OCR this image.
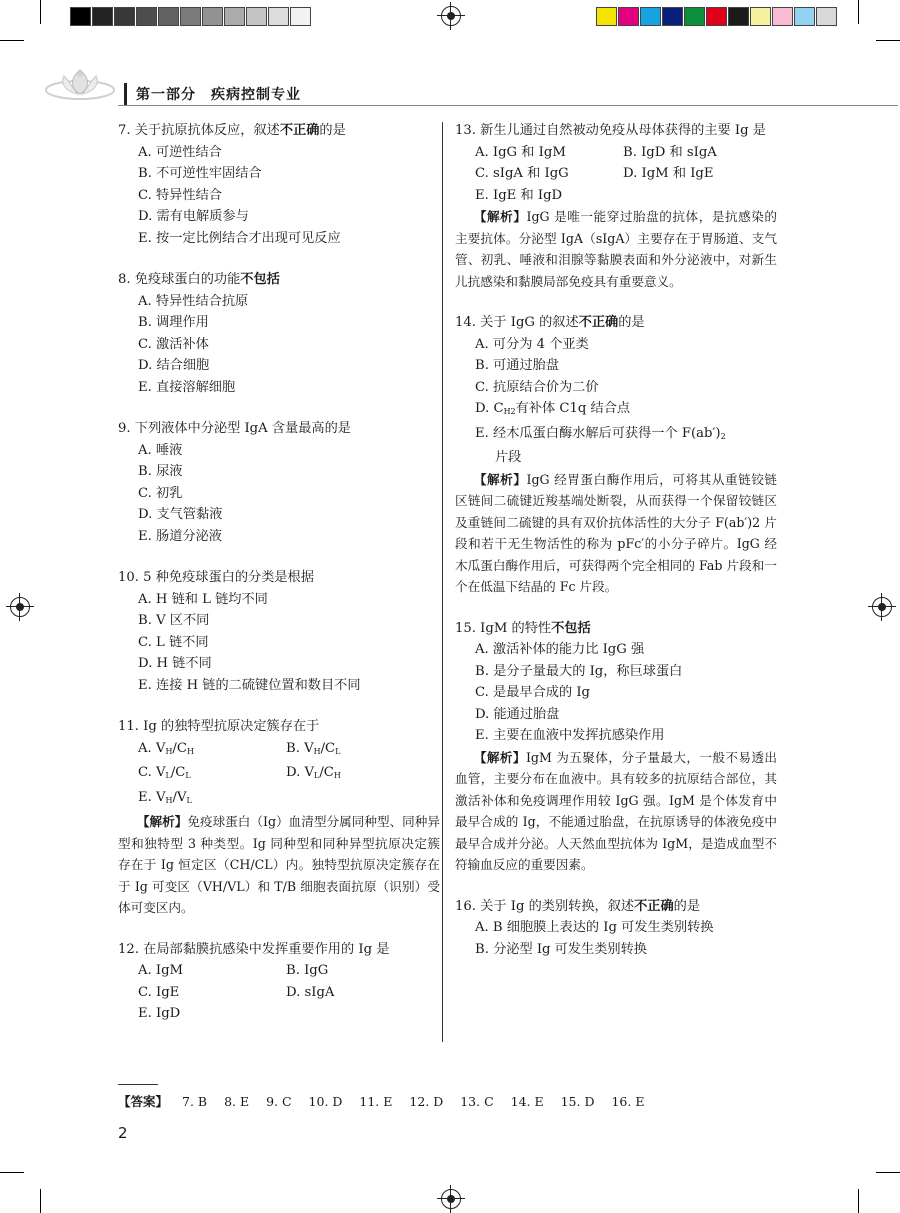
第一部分　疾病控制专业
7. 关于抗原抗体反应，叙述不正确的是
A. 可逆性结合
B. 不可逆性牢固结合
C. 特异性结合
D. 需有电解质参与
E. 按一定比例结合才出现可见反应
8. 免疫球蛋白的功能不包括
A. 特异性结合抗原
B. 调理作用
C. 激活补体
D. 结合细胞
E. 直接溶解细胞
9. 下列液体中分泌型 IgA 含量最高的是
A. 唾液
B. 尿液
C. 初乳
D. 支气管黏液
E. 肠道分泌液
10. 5 种免疫球蛋白的分类是根据
A. H 链和 L 链均不同
B. V 区不同
C. L 链不同
D. H 链不同
E. 连接 H 链的二硫键位置和数目不同
11. Ig 的独特型抗原决定簇存在于
A. $V_H/C_H$	B. $V_H/C_L$
C. $V_L/C_L$	D. $V_L/C_H$
E. $V_H/V_L$
【解析】免疫球蛋白（Ig）血清型分属同种型、同种异型和独特型 3 种类型。Ig 同种型和同种异型抗原决定簇存在于 Ig 恒定区（CH/CL）内。独特型抗原决定簇存在于 Ig 可变区（VH/VL）和 T/B 细胞表面抗原（识别）受体可变区内。
12. 在局部黏膜抗感染中发挥重要作用的 Ig 是
A. IgM	B. IgG
C. IgE	D. sIgA
E. IgD
13. 新生儿通过自然被动免疫从母体获得的主要 Ig 是
A. IgG 和 IgM	B. IgD 和 sIgA
C. sIgA 和 IgG	D. IgM 和 IgE
E. IgE 和 IgD
【解析】IgG 是唯一能穿过胎盘的抗体，是抗感染的主要抗体。分泌型 IgA（sIgA）主要存在于胃肠道、支气管、初乳、唾液和泪腺等黏膜表面和外分泌液中，对新生儿抗感染和黏膜局部免疫具有重要意义。
14. 关于 IgG 的叙述不正确的是
A. 可分为 4 个亚类
B. 可通过胎盘
C. 抗原结合价为二价
D. $C_{H2}$有补体 C1q 结合点
E. 经木瓜蛋白酶水解后可获得一个 $F(ab')_2$
片段
【解析】IgG 经胃蛋白酶作用后，可将其从重链铰链区链间二硫键近羧基端处断裂，从而获得一个保留铰链区及重链间二硫键的具有双价抗体活性的大分子 F(ab′)2 片段和若干无生物活性的称为 pFc′的小分子碎片。IgG 经木瓜蛋白酶作用后，可获得两个完全相同的 Fab 片段和一个在低温下结晶的 Fc 片段。
15. IgM 的特性不包括
A. 激活补体的能力比 IgG 强
B. 是分子量最大的 Ig，称巨球蛋白
C. 是最早合成的 Ig
D. 能通过胎盘
E. 主要在血液中发挥抗感染作用
【解析】IgM 为五聚体，分子量最大，一般不易透出血管，主要分布在血液中。具有较多的抗原结合部位，其激活补体和免疫调理作用较 IgG 强。IgM 是个体发育中最早合成的 Ig，不能通过胎盘，在抗原诱导的体液免疫中最早合成并分泌。人天然血型抗体为 IgM，是造成血型不符输血反应的重要因素。
16. 关于 Ig 的类别转换，叙述不正确的是
A. B 细胞膜上表达的 Ig 可发生类别转换
B. 分泌型 Ig 可发生类别转换
【答案】 7. B 8. E 9. C 10. D 11. E 12. D 13. C 14. E 15. D 16. E
2
